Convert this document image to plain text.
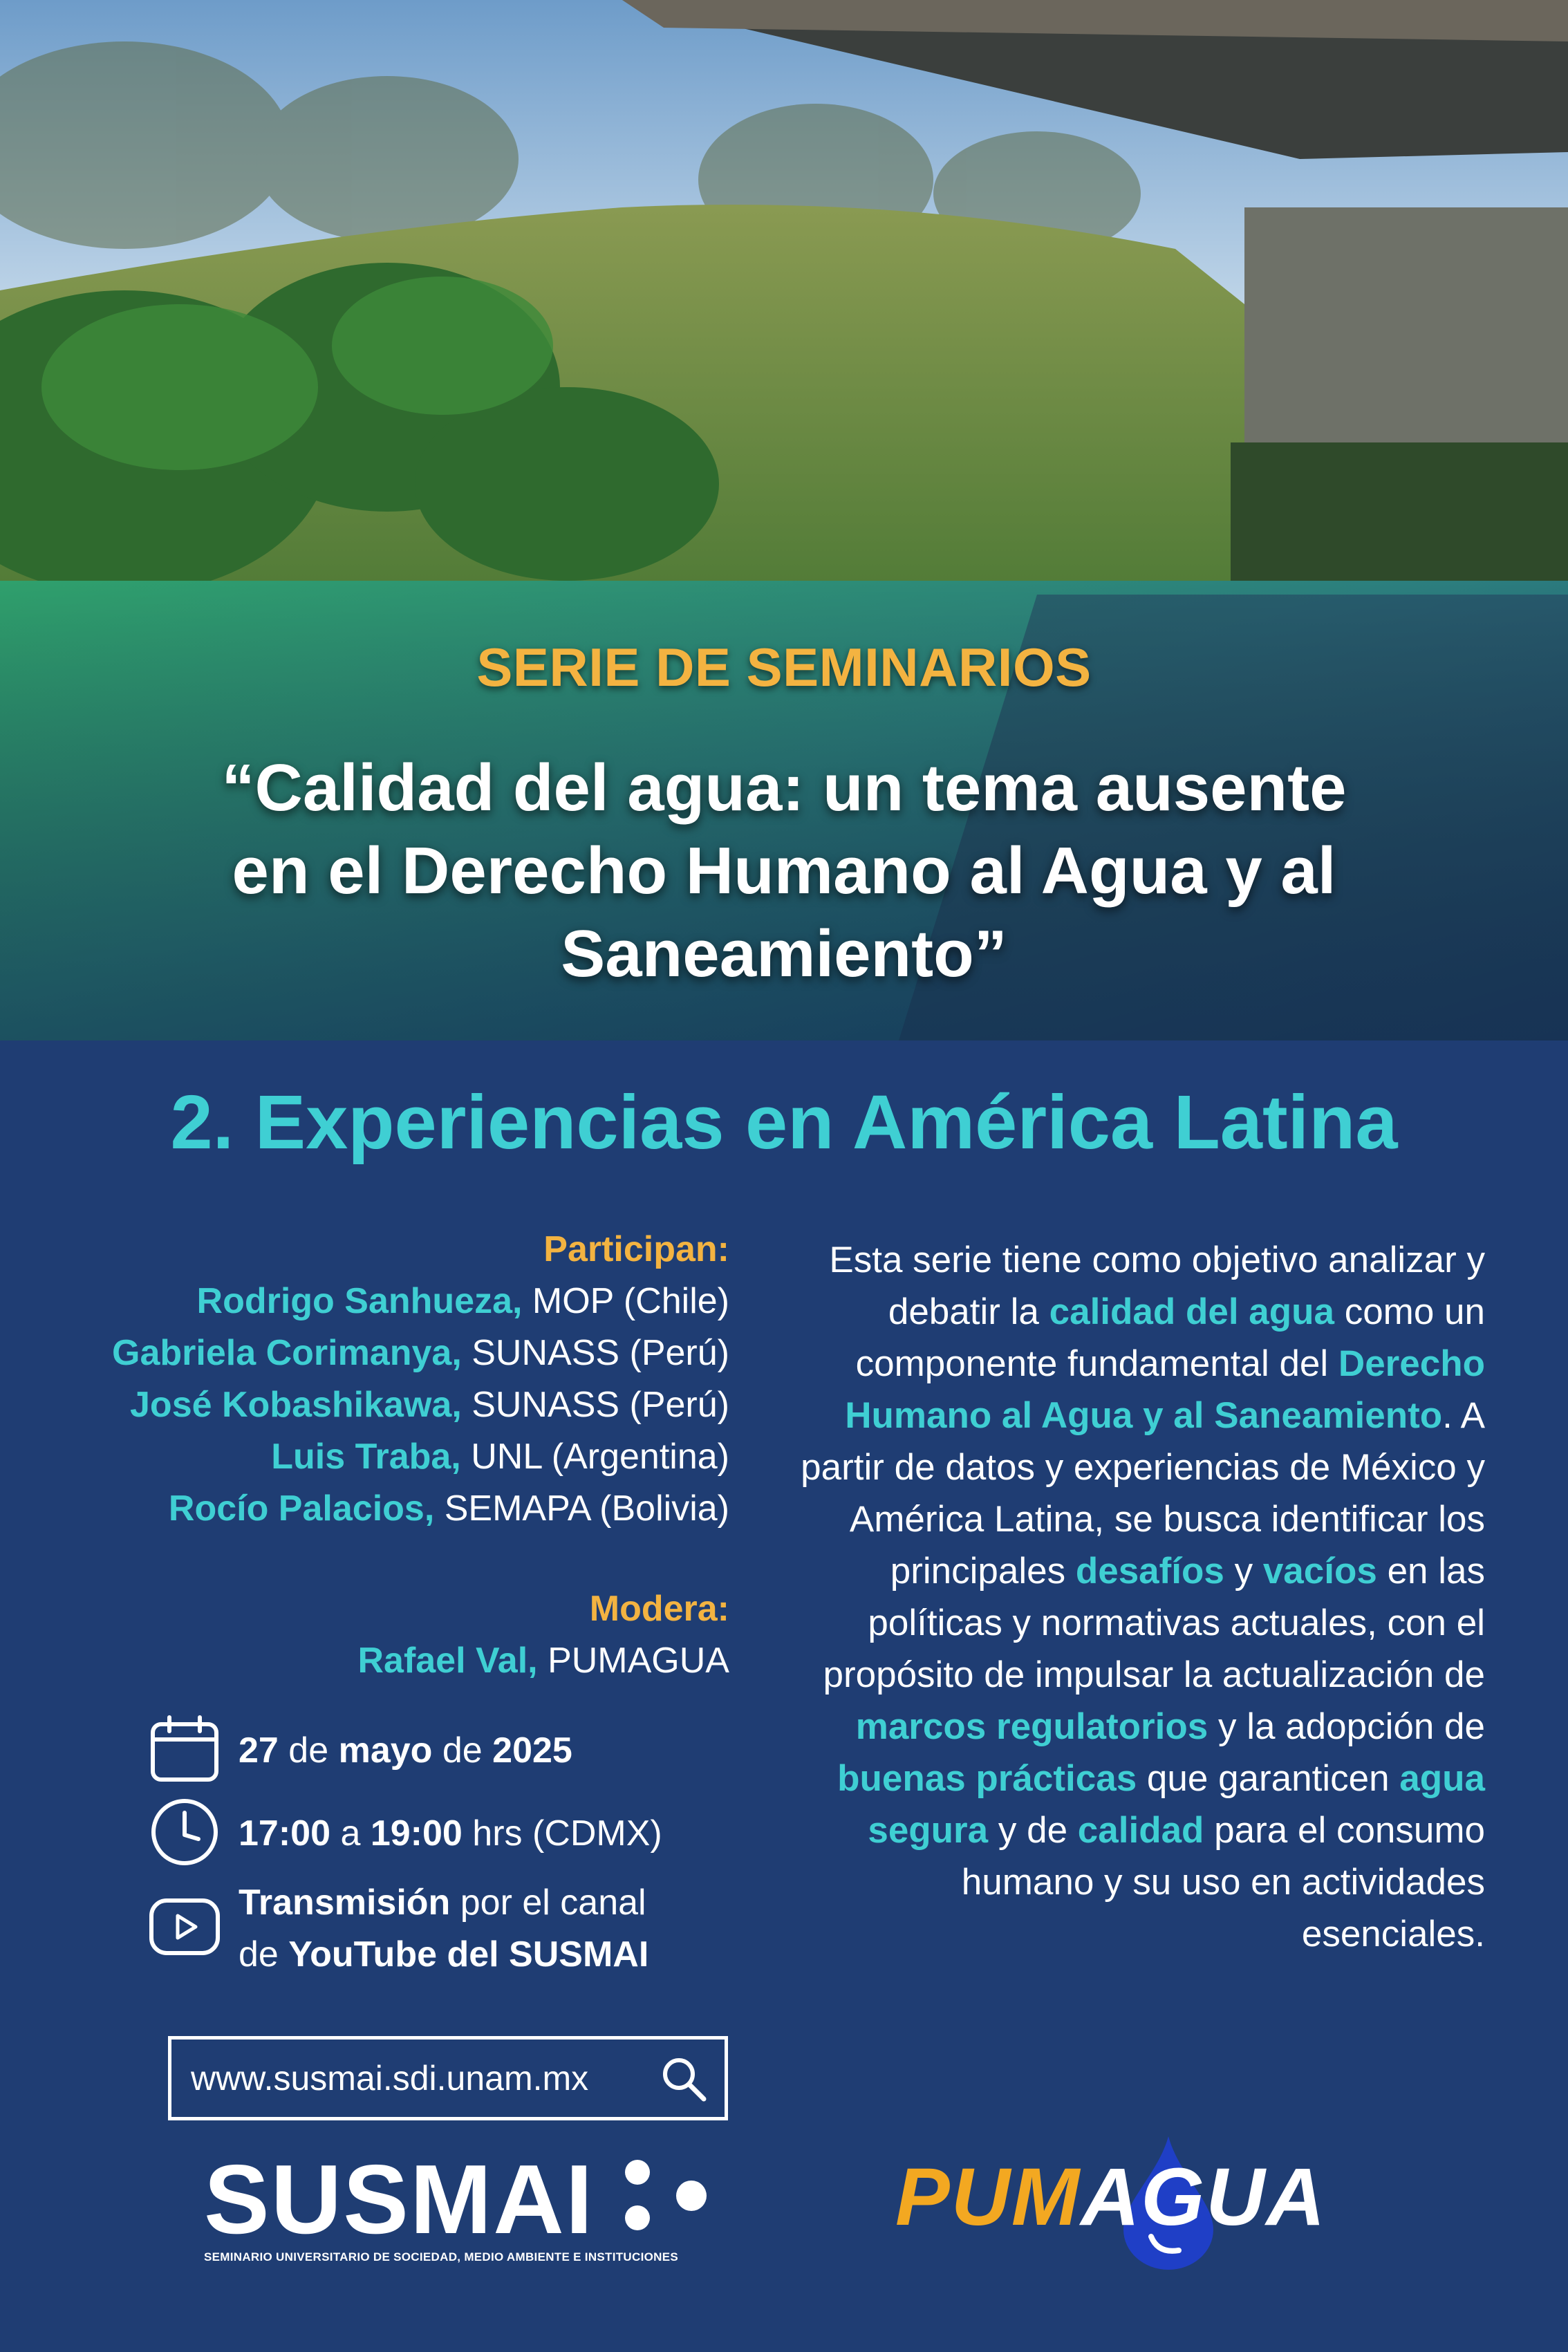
SERIE DE SEMINARIOS
“Calidad del agua: un tema ausente
en el Derecho Humano al Agua y al
Saneamiento”
2. Experiencias en América Latina
Participan:
Rodrigo Sanhueza, MOP (Chile)
Gabriela Corimanya, SUNASS (Perú)
José Kobashikawa, SUNASS (Perú)
Luis Traba, UNL (Argentina)
Rocío Palacios, SEMAPA (Bolivia)
Modera:
Rafael Val, PUMAGUA
27 de mayo de 2025
17:00 a 19:00 hrs (CDMX)
Transmisión por el canal
de YouTube del SUSMAI
www.susmai.sdi.unam.mx
Esta serie tiene como objetivo analizar y debatir la calidad del agua como un componente fundamental del Derecho Humano al Agua y al Saneamiento. A partir de datos y experiencias de México y América Latina, se busca identificar los principales desafíos y vacíos en las políticas y normativas actuales, con el propósito de impulsar la actualización de marcos regulatorios y la adopción de buenas prácticas que garanticen agua segura y de calidad para el consumo humano y su uso en actividades esenciales.
SUSMAI
SEMINARIO UNIVERSITARIO DE SOCIEDAD, MEDIO AMBIENTE E INSTITUCIONES
PUMAGUA
